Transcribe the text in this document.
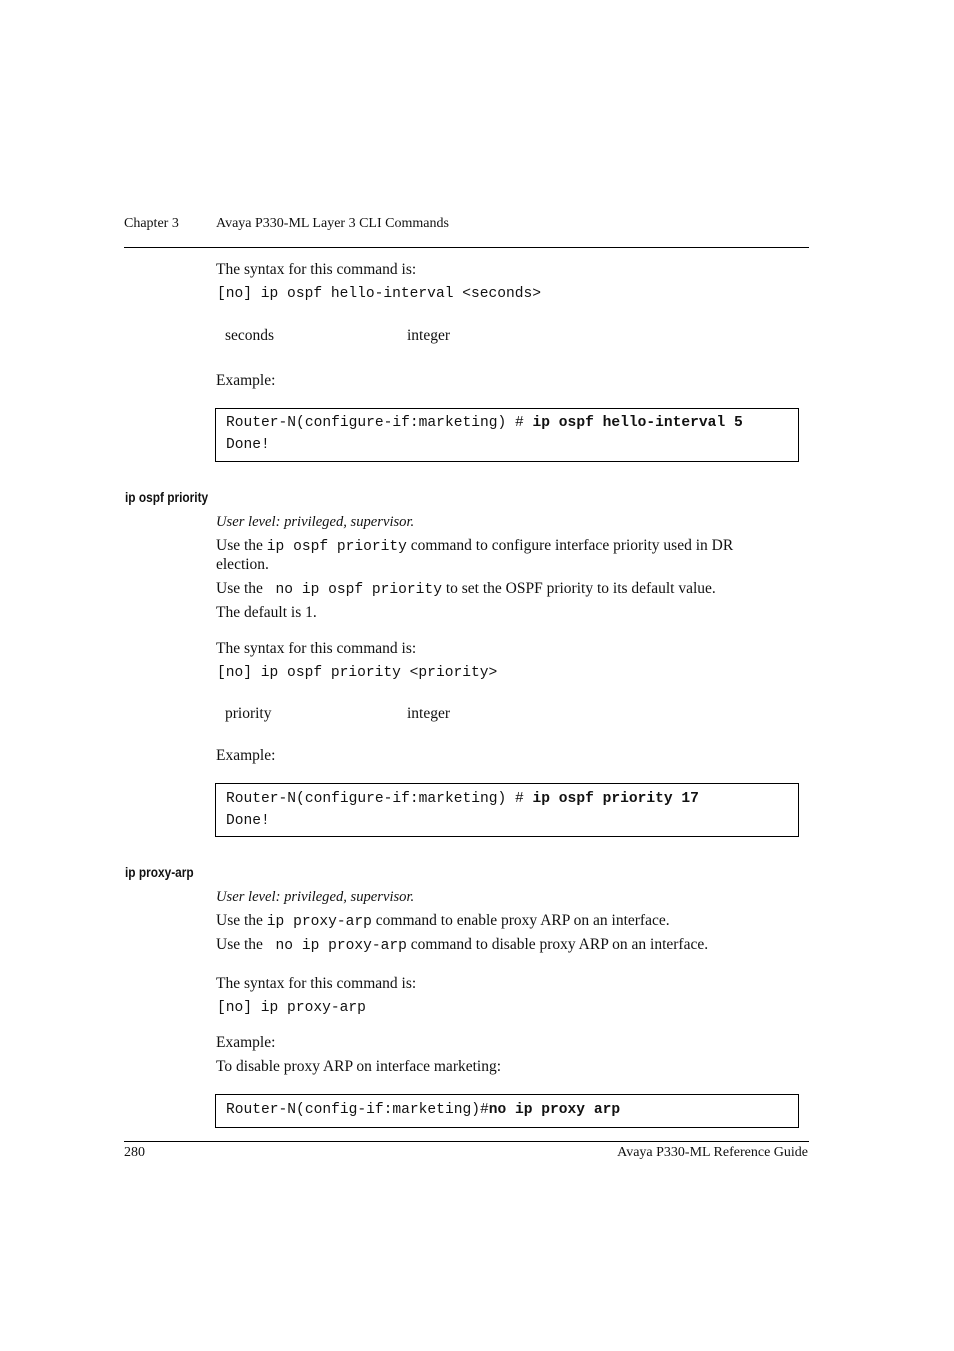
Chapter 3	Avaya P330-ML Layer 3 CLI Commands
The syntax for this command is:
[no] ip ospf hello-interval <seconds>
seconds	integer
Example:
Router-N(configure-if:marketing) # ip ospf hello-interval 5
Done!
ip ospf priority
User level: privileged, supervisor.
Use the ip ospf priority command to configure interface priority used in DR
election.
Use the  no ip ospf priority to set the OSPF priority to its default value.
The default is 1.
The syntax for this command is:
[no] ip ospf priority <priority>
priority	integer
Example:
Router-N(configure-if:marketing) # ip ospf priority 17
Done!
ip proxy-arp
User level: privileged, supervisor.
Use the ip proxy-arp command to enable proxy ARP on an interface.
Use the  no ip proxy-arp command to disable proxy ARP on an interface.
The syntax for this command is:
[no] ip proxy-arp
Example:
To disable proxy ARP on interface marketing:
Router-N(config-if:marketing)#no ip proxy arp
280	Avaya P330-ML Reference Guide
